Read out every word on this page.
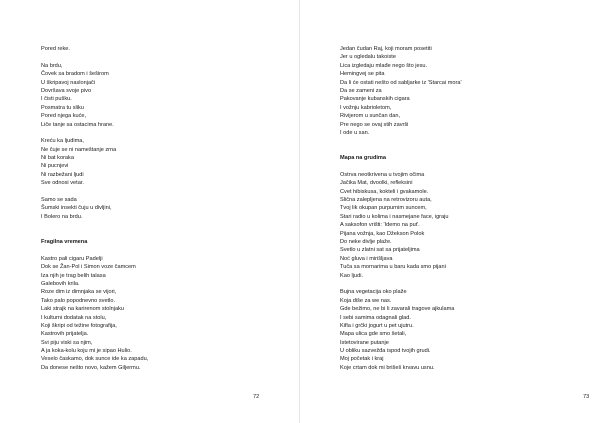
Pored reke.
Na brdu,
Čovek sa bradom i šeširom
U škripavoj naslonjači
Dovršava svoje pivo
I čisti pušku.
Posmatra tu sliku
Pored njega kuće,
Liče tanje sa ostacima hrane.
Kreću ka ljudima,
Ne čuje se ni nameštanje zrna
Ni bat koraka
Ni pucnjevi
Ni razbežani ljudi
Sve odnosi vetar.
Samo se sada
Šumski insekti čuju u divljini,
I Bolero na brdu.
Fragilna vremena
Kastro pali cigaru Padelji
Dok se Žan-Pol i Simon voze čamcem
Iza njih je trag belih talasa
Galebovih krila.
Roze dim iz dimnjaka se vijori,
Tako palo popodnevno svetlo.
Laki strajk na karirenom stolnjaku
I kulturni dodatak na stolu,
Koji škripi od težine fotografija,
Kastrovih prijatelja.
Svi piju viski sa njim,
A ja koka-kolu koju mi je sipao Hulio.
Veselo časkamo, dok sunce ide ka zapadu,
Da donese nešto novo, kažem Giljermu.
72
Jedan čudan Raj, koji moram posetiti
Jer u ogledalu takoiste
Lica izgledaju mlađe nego što jesu.
Hemingvej se pita
Da li će ostati nešto od sabljarke iz 'Starcai mora'
Da se zameni za
Pakovanje kubanskih cigara
I vožnju kabrioletom,
Rivijerom u sunčan dan,
Pre nego se ovaj stih završi
I ode u san.
Mapa na grudima
Ostrva neotkrivena u tvojim očima
Jačika Mat, dvoolki, refleksini
Cvet hibiskusa, kokteli i gvakamole.
Slična zalepljena na retrovizoru auta,
Tvoj lik okupan purpurnim suncem,
Stari radio u kolima i nasmejane face, igraju
A saksofon vrišti: 'Idemo na put'.
Pijana vožnja, kao Džekson Polok
Do neke divlje plaže.
Svetlo u zlatni sat sa prijateljima
Noć gluva i mirišljava
Tuča sa mornarima u baru kada smo pijani
Kao ljudi.
Bujna vegetacija oko plaže
Koja diše za we nas.
Gde bežimo, ne bi li zavarali tragove ajkulama
I sebi samima odagnali glad.
Kifla i grčki jogurt u pet ujutru.
Mapa ulica gde smo šetali,
Istetovirane putanje
U obliku sazvežđa ispod tvojih grudi.
Moj početak i kraj
Koje crtam dok mi brišeš krvavu usnu.
73
